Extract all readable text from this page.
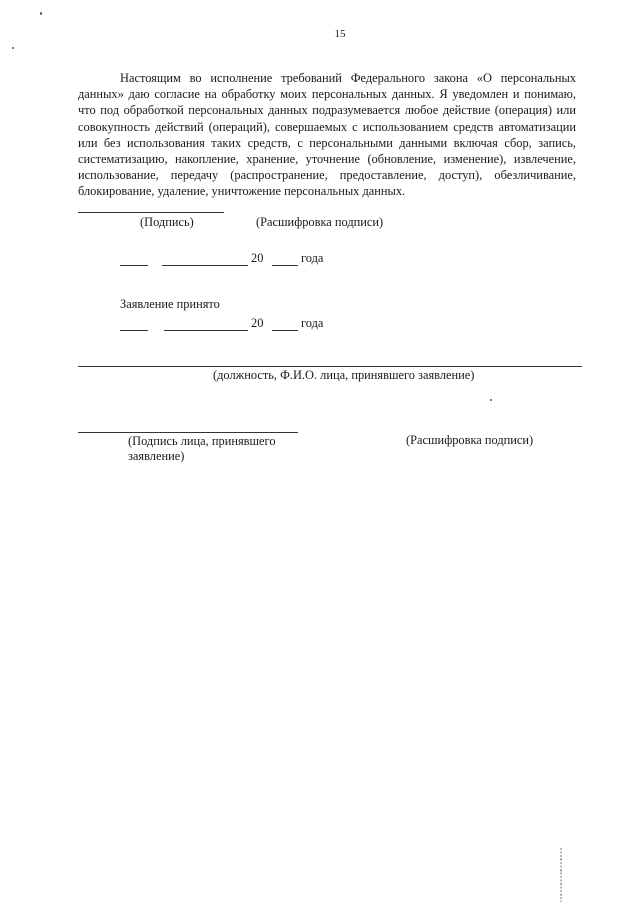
15
Настоящим во исполнение требований Федерального закона «О персональных данных» даю согласие на обработку моих персональных данных. Я уведомлен и понимаю, что под обработкой персональных данных подразумевается любое действие (операция) или совокупность действий (операций), совершаемых с использованием средств автоматизации или без использования таких средств, с персональными данными включая сбор, запись, систематизацию, накопление, хранение, уточнение (обновление, изменение), извлечение, использование, передачу (распространение, предоставление, доступ), обезличивание, блокирование, удаление, уничтожение персональных данных.
(Подпись)	(Расшифровка подписи)
20	года
Заявление принято
20	года
(должность, Ф.И.О. лица, принявшего заявление)
(Подпись лица, принявшего заявление)
(Расшифровка подписи)
